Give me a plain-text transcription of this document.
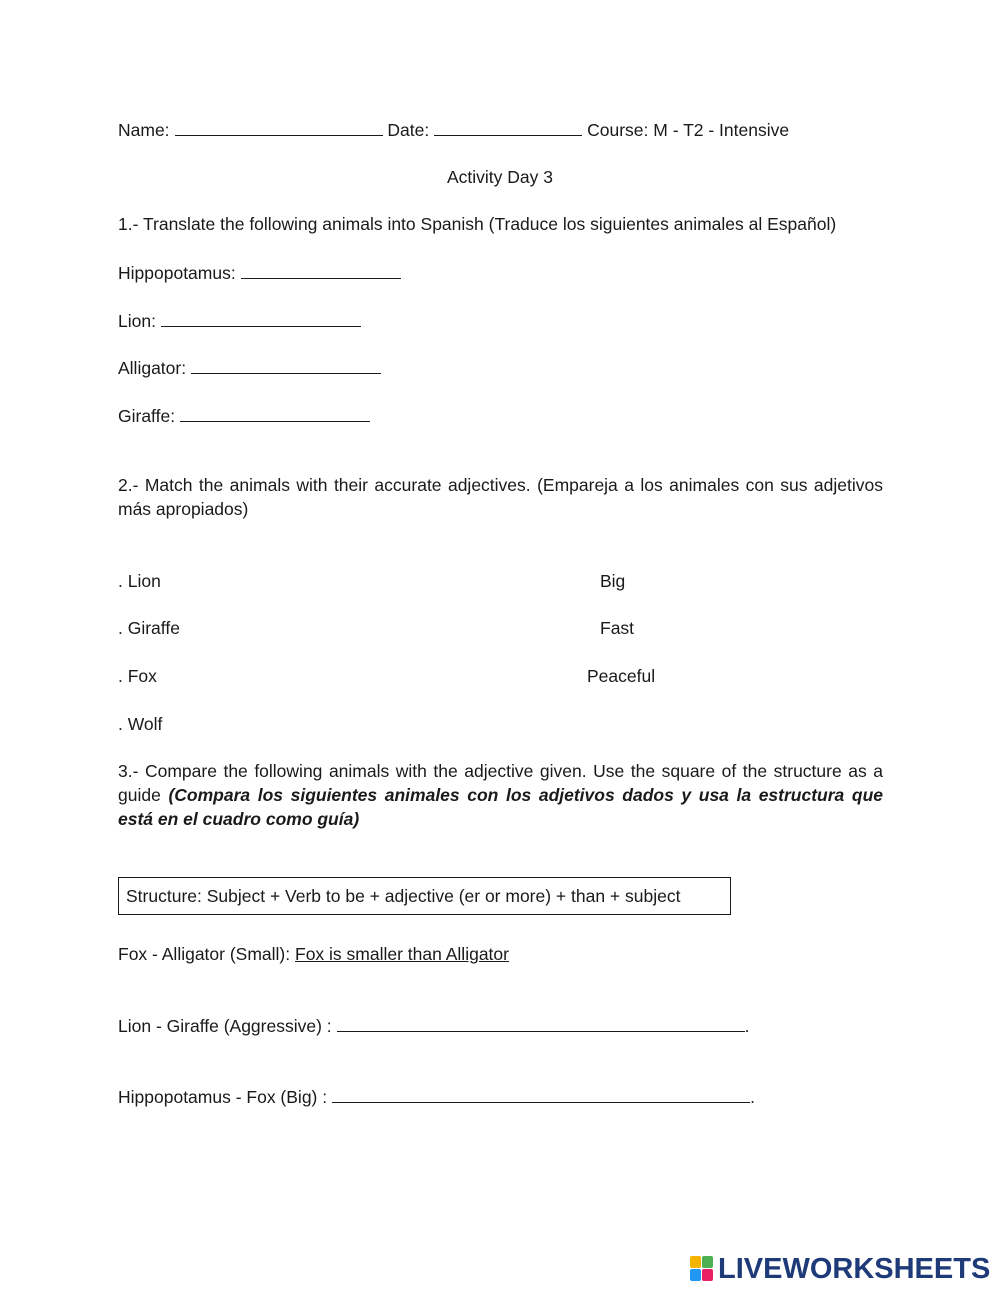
Name:	Date:	Course: M - T2 - Intensive
Activity Day 3
1.- Translate the following animals into Spanish (Traduce los siguientes animales al Español)
Hippopotamus:
Lion:
Alligator:
Giraffe:
2.- Match the animals with their accurate adjectives. (Empareja a los animales con sus adjetivos más apropiados)
. Lion
. Giraffe
. Fox
. Wolf
Big
Fast
Peaceful
3.- Compare the following animals with the adjective given. Use the square of the structure as a guide (Compara los siguientes animales con los adjetivos dados y usa la estructura que está en el cuadro como guía)
Structure: Subject + Verb to be + adjective (er or more) + than + subject
Fox - Alligator (Small): Fox is smaller than Alligator
Lion - Giraffe (Aggressive) :	.
Hippopotamus - Fox (Big) :	.
LIVEWORKSHEETS
